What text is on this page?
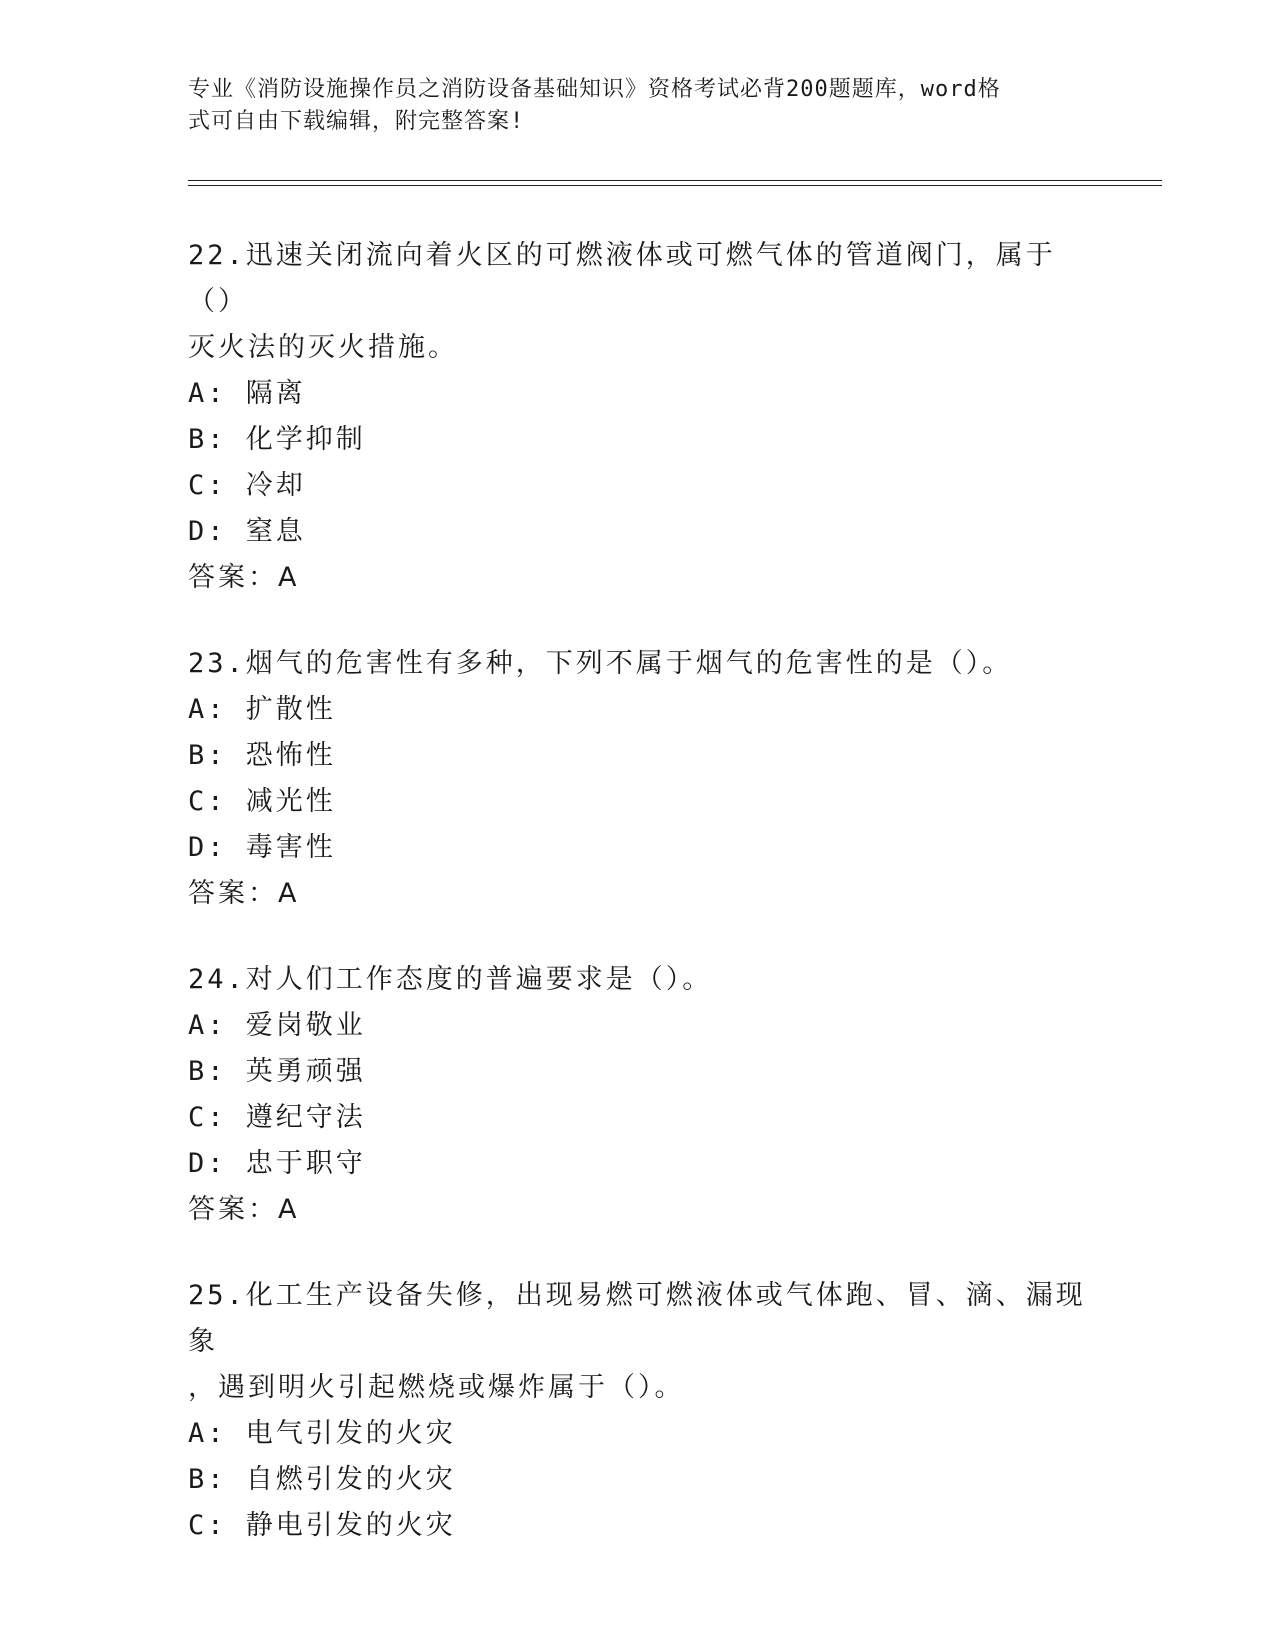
专业《消防设施操作员之消防设备基础知识》资格考试必背200题题库，word格
式可自由下载编辑，附完整答案!

22.迅速关闭流向着火区的可燃液体或可燃气体的管道阀门，属于（）

灭火法的灭火措施。

A: 隔离

B: 化学抑制

C: 冷却

D: 窒息

答案：A

23.烟气的危害性有多种，下列不属于烟气的危害性的是（）。

A: 扩散性

B: 恐怖性

C: 减光性

D: 毒害性

答案：A

24.对人们工作态度的普遍要求是（）。

A: 爱岗敬业

B: 英勇顽强

C: 遵纪守法

D: 忠于职守

答案：A

25.化工生产设备失修，出现易燃可燃液体或气体跑、冒、滴、漏现象

，遇到明火引起燃烧或爆炸属于（）。

A: 电气引发的火灾

B: 自燃引发的火灾

C: 静电引发的火灾
